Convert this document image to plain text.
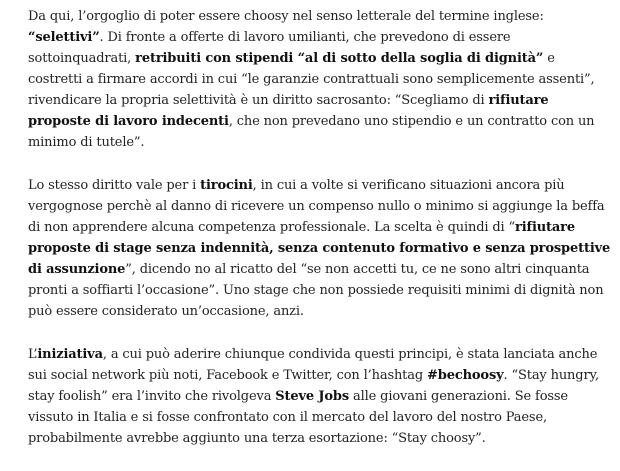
Da qui, l’orgoglio di poter essere choosy nel senso letterale del termine inglese: “selettivi”. Di fronte a offerte di lavoro umilianti, che prevedono di essere sottoinquadrati, retribuiti con stipendi “al di sotto della soglia di dignità” e costretti a firmare accordi in cui “le garanzie contrattuali sono semplicemente assenti”, rivendicare la propria selettività è un diritto sacrosanto: “Scegliamo di rifiutare proposte di lavoro indecenti, che non prevedano uno stipendio e un contratto con un minimo di tutele”.

Lo stesso diritto vale per i tirocini, in cui a volte si verificano situazioni ancora più vergognose perchè al danno di ricevere un compenso nullo o minimo si aggiunge la beffa di non apprendere alcuna competenza professionale. La scelta è quindi di “rifiutare proposte di stage senza indennità, senza contenuto formativo e senza prospettive di assunzione”, dicendo no al ricatto del “se non accetti tu, ce ne sono altri cinquanta pronti a soffiarti l’occasione”. Uno stage che non possiede requisiti minimi di dignità non può essere considerato un’occasione, anzi.

L’iniziativa, a cui può aderire chiunque condivida questi principi, è stata lanciata anche sui social network più noti, Facebook e Twitter, con l’hashtag #bechoosy. “Stay hungry, stay foolish” era l’invito che rivolgeva Steve Jobs alle giovani generazioni. Se fosse vissuto in Italia e si fosse confrontato con il mercato del lavoro del nostro Paese, probabilmente avrebbe aggiunto una terza esortazione: “Stay choosy”.
